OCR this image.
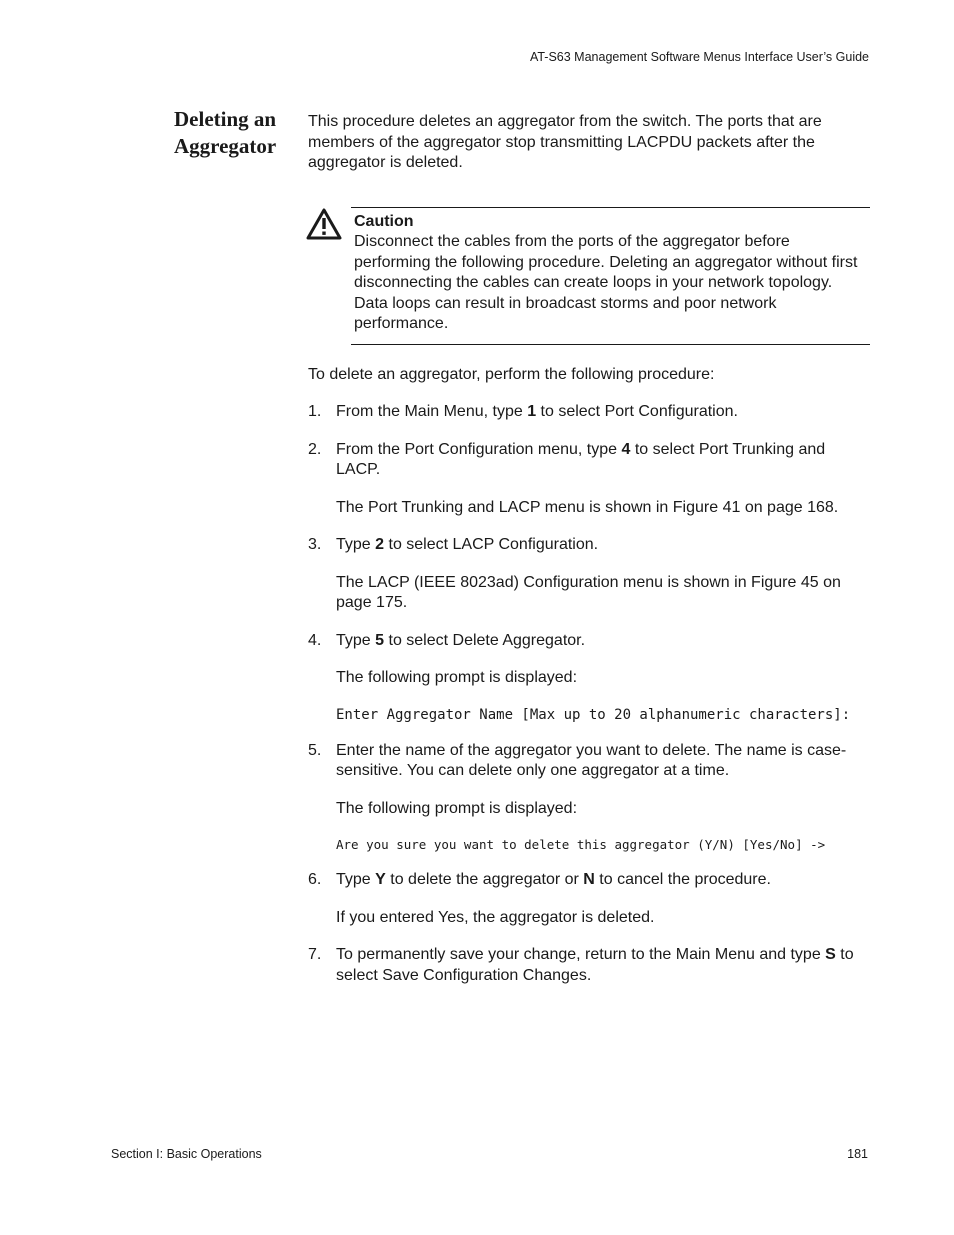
AT-S63 Management Software Menus Interface User’s Guide
Deleting an Aggregator

This procedure deletes an aggregator from the switch. The ports that are members of the aggregator stop transmitting LACPDU packets after the aggregator is deleted.

Caution

Disconnect the cables from the ports of the aggregator before performing the following procedure. Deleting an aggregator without first disconnecting the cables can create loops in your network topology. Data loops can result in broadcast storms and poor network performance.

To delete an aggregator, perform the following procedure:

1. From the Main Menu, type 1 to select Port Configuration.

2. From the Port Configuration menu, type 4 to select Port Trunking and LACP.

The Port Trunking and LACP menu is shown in Figure 41 on page 168.

3. Type 2 to select LACP Configuration.

The LACP (IEEE 8023ad) Configuration menu is shown in Figure 45 on page 175.

4. Type 5 to select Delete Aggregator.

The following prompt is displayed:

Enter Aggregator Name [Max up to 20 alphanumeric characters]:
5. Enter the name of the aggregator you want to delete. The name is case-sensitive. You can delete only one aggregator at a time.

The following prompt is displayed:

Are you sure you want to delete this aggregator (Y/N) [Yes/No] ->
6. Type Y to delete the aggregator or N to cancel the procedure.

If you entered Yes, the aggregator is deleted.

7. To permanently save your change, return to the Main Menu and type S to select Save Configuration Changes.

Section I: Basic Operations	181
